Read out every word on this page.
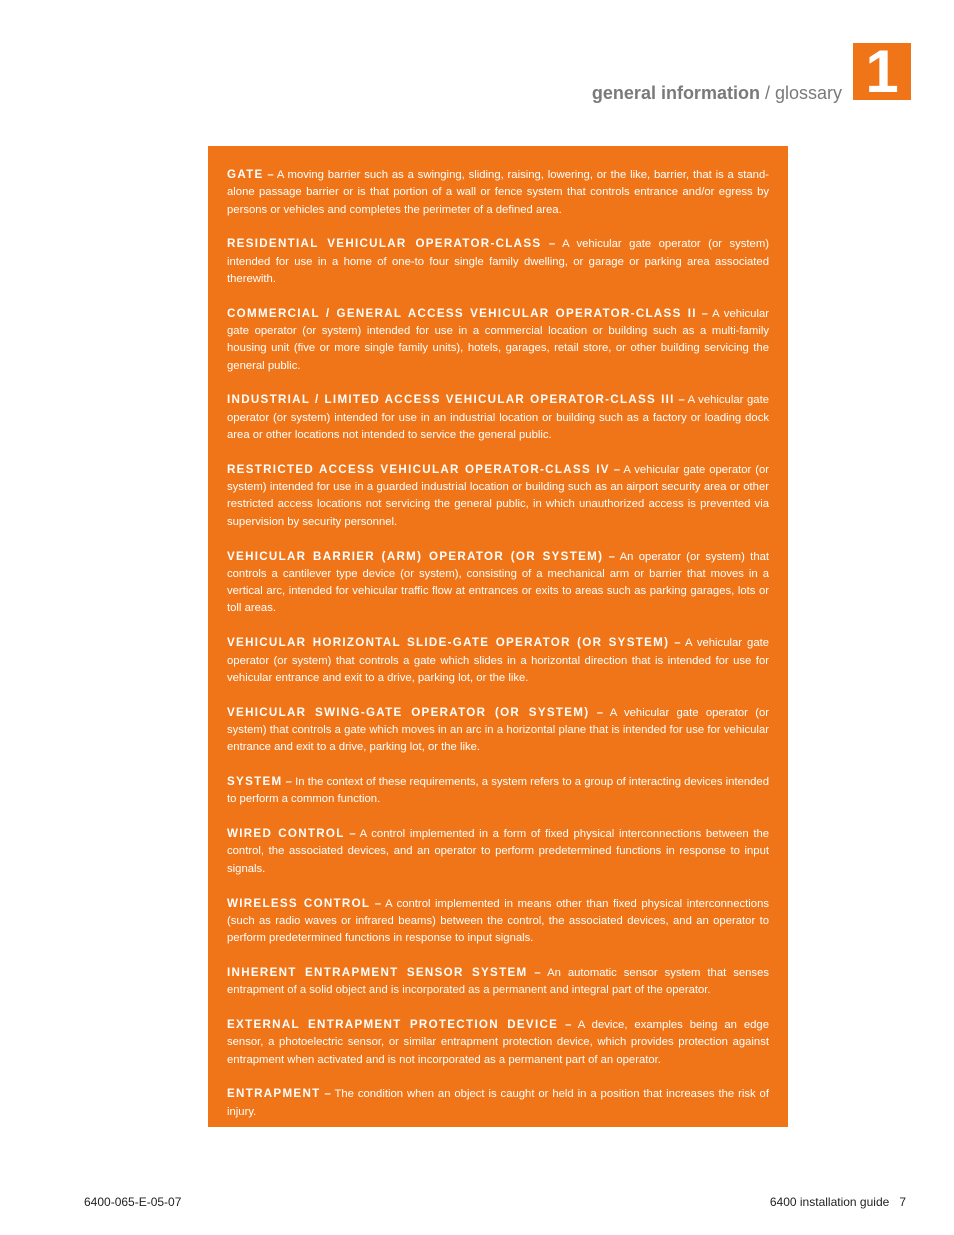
general information / glossary 1

GATE – A moving barrier such as a swinging, sliding, raising, lowering, or the like, barrier, that is a stand-alone passage barrier or is that portion of a wall or fence system that controls entrance and/or egress by persons or vehicles and completes the perimeter of a defined area.

RESIDENTIAL VEHICULAR OPERATOR-CLASS – A vehicular gate operator (or system) intended for use in a home of one-to four single family dwelling, or garage or parking area associated therewith.

COMMERCIAL / GENERAL ACCESS VEHICULAR OPERATOR-CLASS II – A vehicular gate operator (or system) intended for use in a commercial location or building such as a multi-family housing unit (five or more single family units), hotels, garages, retail store, or other building servicing the general public.

INDUSTRIAL / LIMITED ACCESS VEHICULAR OPERATOR-CLASS III – A vehicular gate operator (or system) intended for use in an industrial location or building such as a factory or loading dock area or other locations not intended to service the general public.

RESTRICTED ACCESS VEHICULAR OPERATOR-CLASS IV – A vehicular gate operator (or system) intended for use in a guarded industrial location or building such as an airport security area or other restricted access locations not servicing the general public, in which unauthorized access is prevented via supervision by security personnel.

VEHICULAR BARRIER (ARM) OPERATOR (OR SYSTEM) – An operator (or system) that controls a cantilever type device (or system), consisting of a mechanical arm or barrier that moves in a vertical arc, intended for vehicular traffic flow at entrances or exits to areas such as parking garages, lots or toll areas.

VEHICULAR HORIZONTAL SLIDE-GATE OPERATOR (OR SYSTEM) – A vehicular gate operator (or system) that controls a gate which slides in a horizontal direction that is intended for use for vehicular entrance and exit to a drive, parking lot, or the like.

VEHICULAR SWING-GATE OPERATOR (OR SYSTEM) – A vehicular gate operator (or system) that controls a gate which moves in an arc in a horizontal plane that is intended for use for vehicular entrance and exit to a drive, parking lot, or the like.

SYSTEM – In the context of these requirements, a system refers to a group of interacting devices intended to perform a common function.

WIRED CONTROL – A control implemented in a form of fixed physical interconnections between the control, the associated devices, and an operator to perform predetermined functions in response to input signals.

WIRELESS CONTROL – A control implemented in means other than fixed physical interconnections (such as radio waves or infrared beams) between the control, the associated devices, and an operator to perform predetermined functions in response to input signals.

INHERENT ENTRAPMENT SENSOR SYSTEM – An automatic sensor system that senses entrapment of a solid object and is incorporated as a permanent and integral part of the operator.

EXTERNAL ENTRAPMENT PROTECTION DEVICE – A device, examples being an edge sensor, a photoelectric sensor, or similar entrapment protection device, which provides protection against entrapment when activated and is not incorporated as a permanent part of an operator.

ENTRAPMENT – The condition when an object is caught or held in a position that increases the risk of injury.

6400-065-E-05-07	6400 installation guide 7
